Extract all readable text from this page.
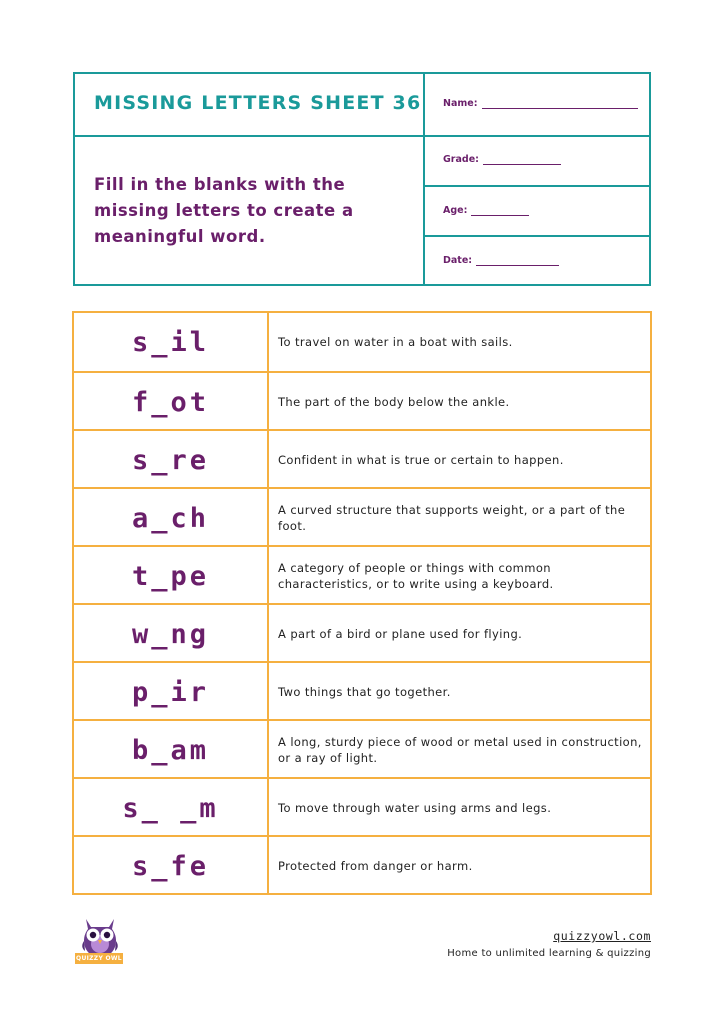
MISSING LETTERS SHEET 36
Fill in the blanks with the missing letters to create a meaningful word.
Name:
Grade:
Age:
Date:
s_il	To travel on water in a boat with sails.
f_ot	The part of the body below the ankle.
s_re	Confident in what is true or certain to happen.
a_ch	A curved structure that supports weight, or a part of the foot.
t_pe	A category of people or things with common characteristics, or to write using a keyboard.
w_ng	A part of a bird or plane used for flying.
p_ir	Two things that go together.
b_am	A long, sturdy piece of wood or metal used in construction, or a ray of light.
s_ _m	To move through water using arms and legs.
s_fe	Protected from danger or harm.
QUIZZY OWL
quizzyowl.com
Home to unlimited learning & quizzing
